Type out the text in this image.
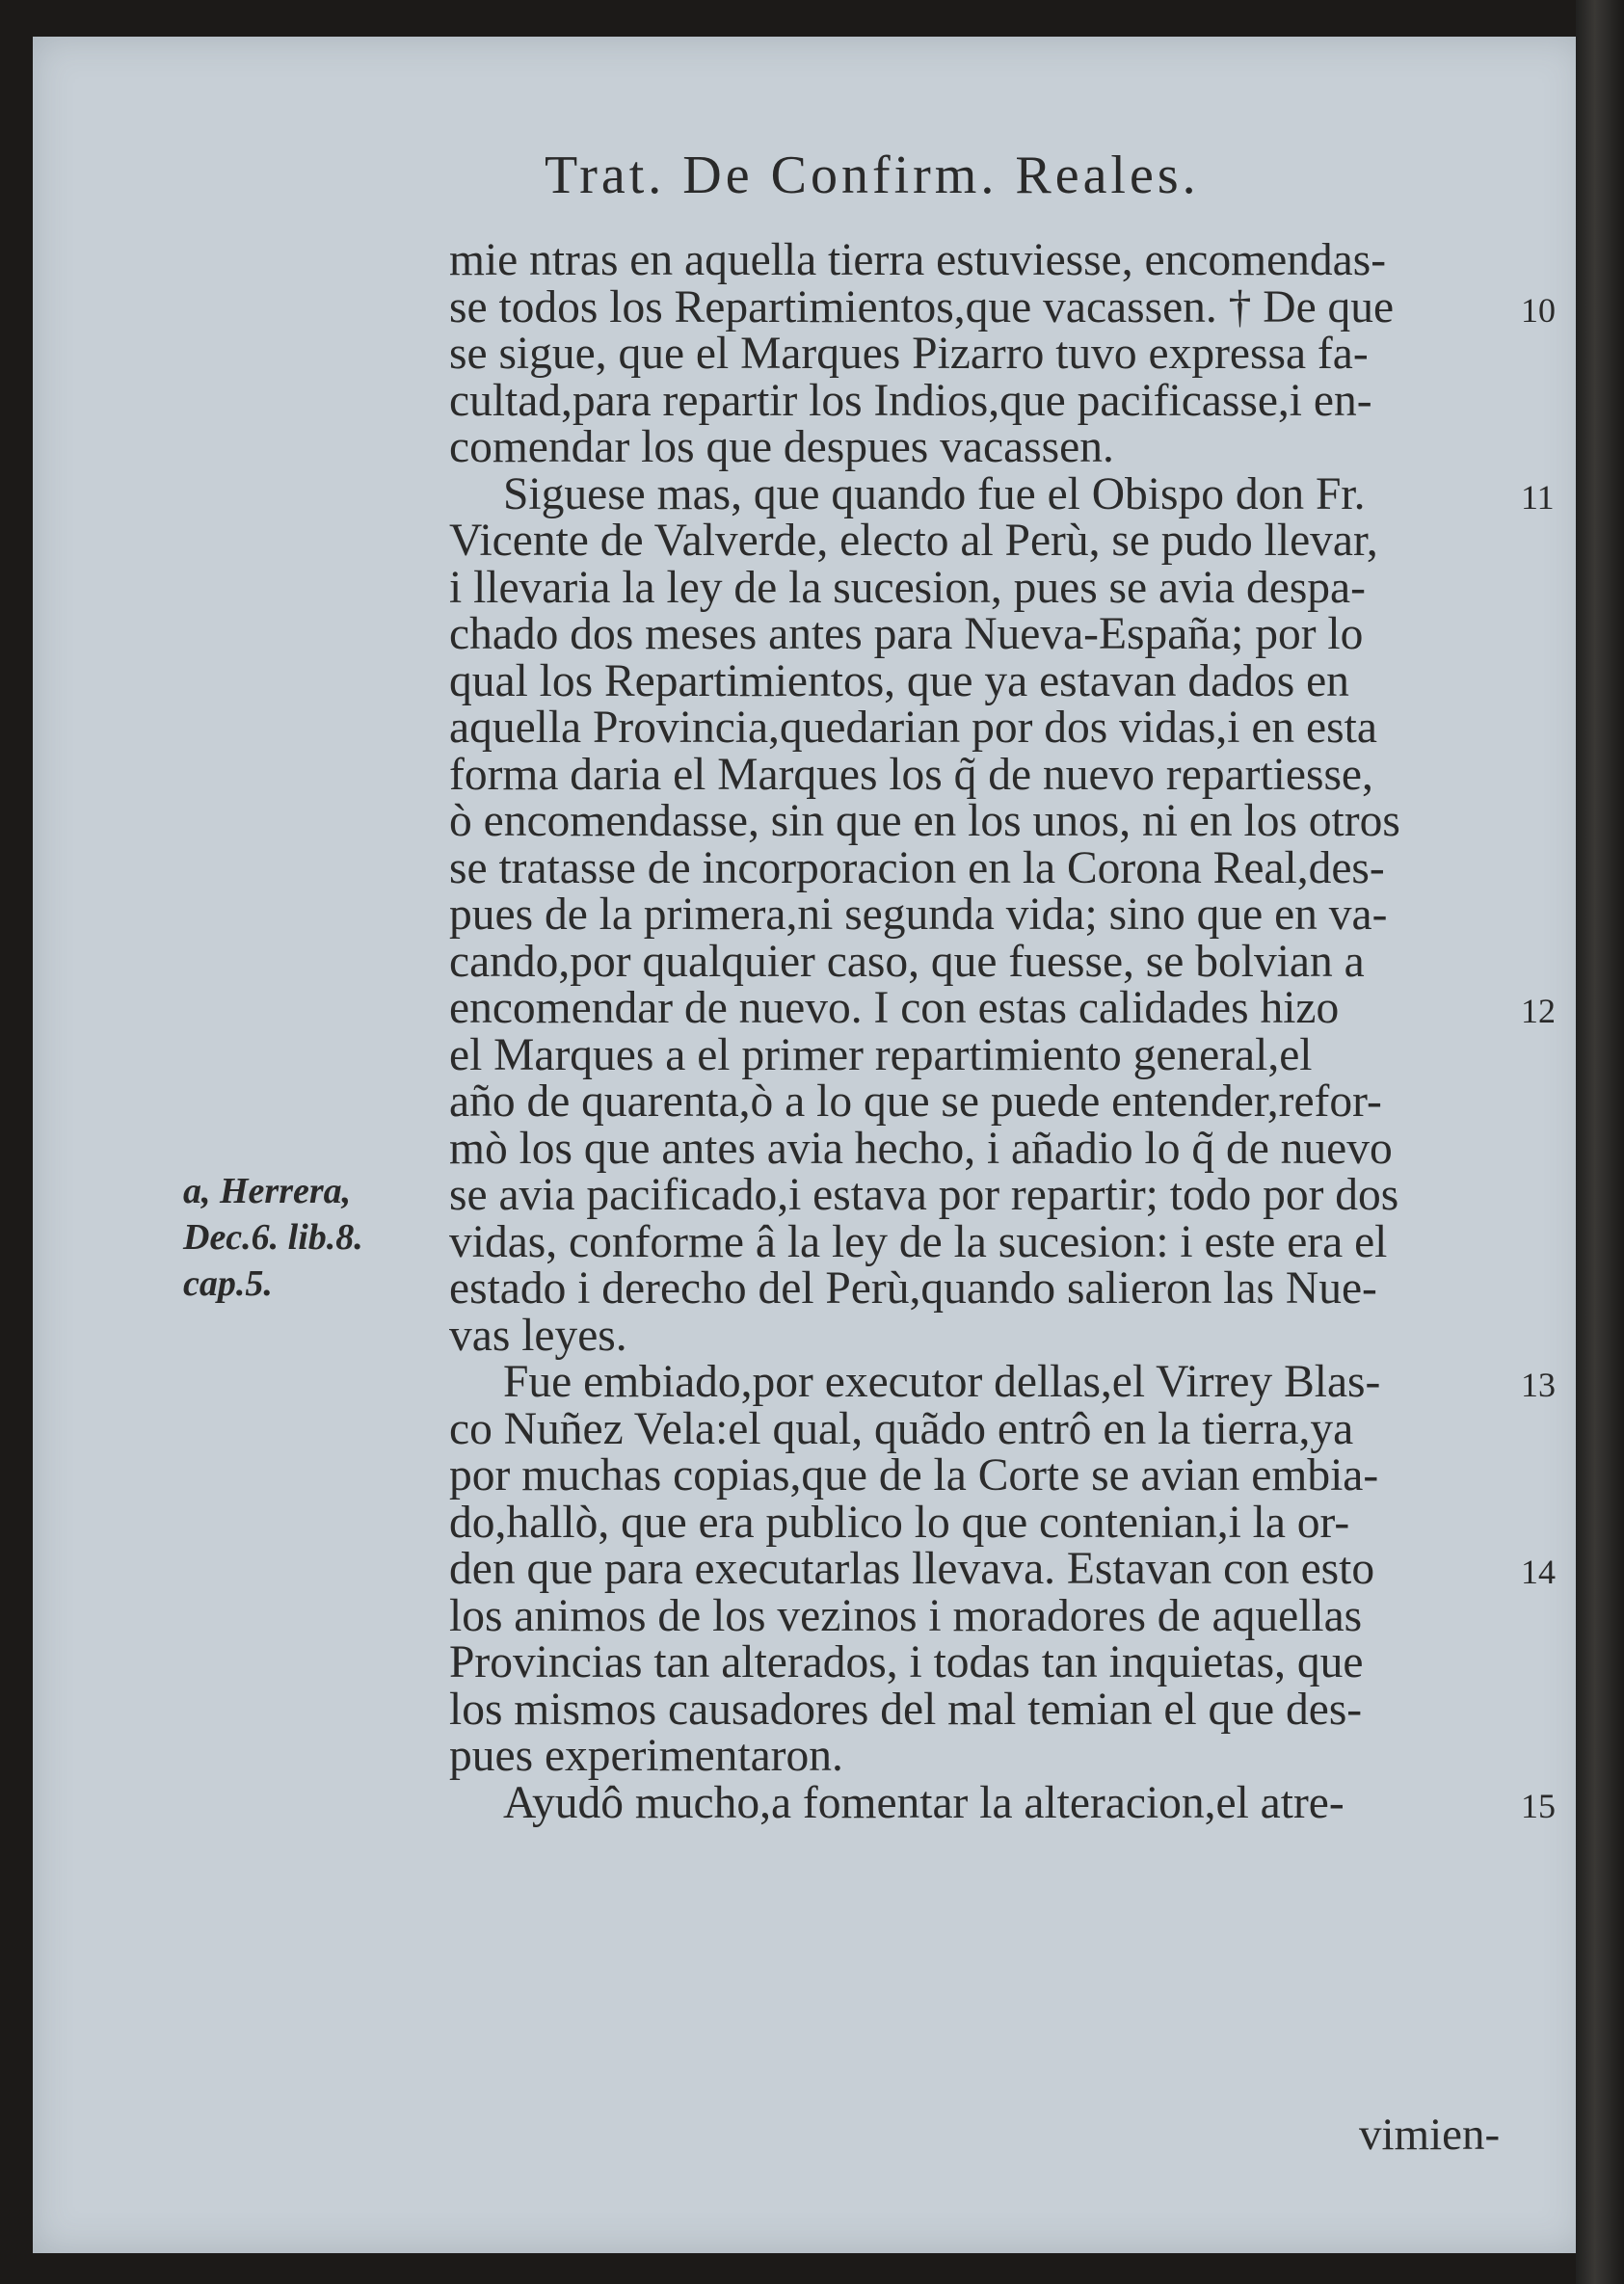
Trat. De Confirm. Reales.
mie ntras en aquella tierra estuviesse, encomendas-
se todos los Repartimientos,que vacassen. † De que
se sigue, que el Marques Pizarro tuvo expressa fa-
cultad,para repartir los Indios,que pacificasse,i en-
comendar los que despues vacassen.
Siguese mas, que quando fue el Obispo don Fr.
Vicente de Valverde, electo al Perù, se pudo llevar,
i llevaria la ley de la sucesion, pues se avia despa-
chado dos meses antes para Nueva-España; por lo
qual los Repartimientos, que ya estavan dados en
aquella Provincia,quedarian por dos vidas,i en esta
forma daria el Marques los q̃ de nuevo repartiesse,
ò encomendasse, sin que en los unos, ni en los otros
se tratasse de incorporacion en la Corona Real,des-
pues de la primera,ni segunda vida; sino que en va-
cando,por qualquier caso, que fuesse, se bolvian a
encomendar de nuevo. I con estas calidades hizo
el Marques a el primer repartimiento general,el
año de quarenta,ò a lo que se puede entender,refor-
mò los que antes avia hecho, i añadio lo q̃ de nuevo
se avia pacificado,i estava por repartir; todo por dos
vidas, conforme â la ley de la sucesion: i este era el
estado i derecho del Perù,quando salieron las Nue-
vas leyes.
Fue embiado,por executor dellas,el Virrey Blas-
co Nuñez Vela:el qual, quãdo entrô en la tierra,ya
por muchas copias,que de la Corte se avian embia-
do,hallò, que era publico lo que contenian,i la or-
den que para executarlas llevava. Estavan con esto
los animos de los vezinos i moradores de aquellas
Provincias tan alterados, i todas tan inquietas, que
los mismos causadores del mal temian el que des-
pues experimentaron.
Ayudô mucho,a fomentar la alteracion,el atre-
10
11
12
13
14
15
a, Herrera,
Dec.6. lib.8.
cap.5.
vimien-
